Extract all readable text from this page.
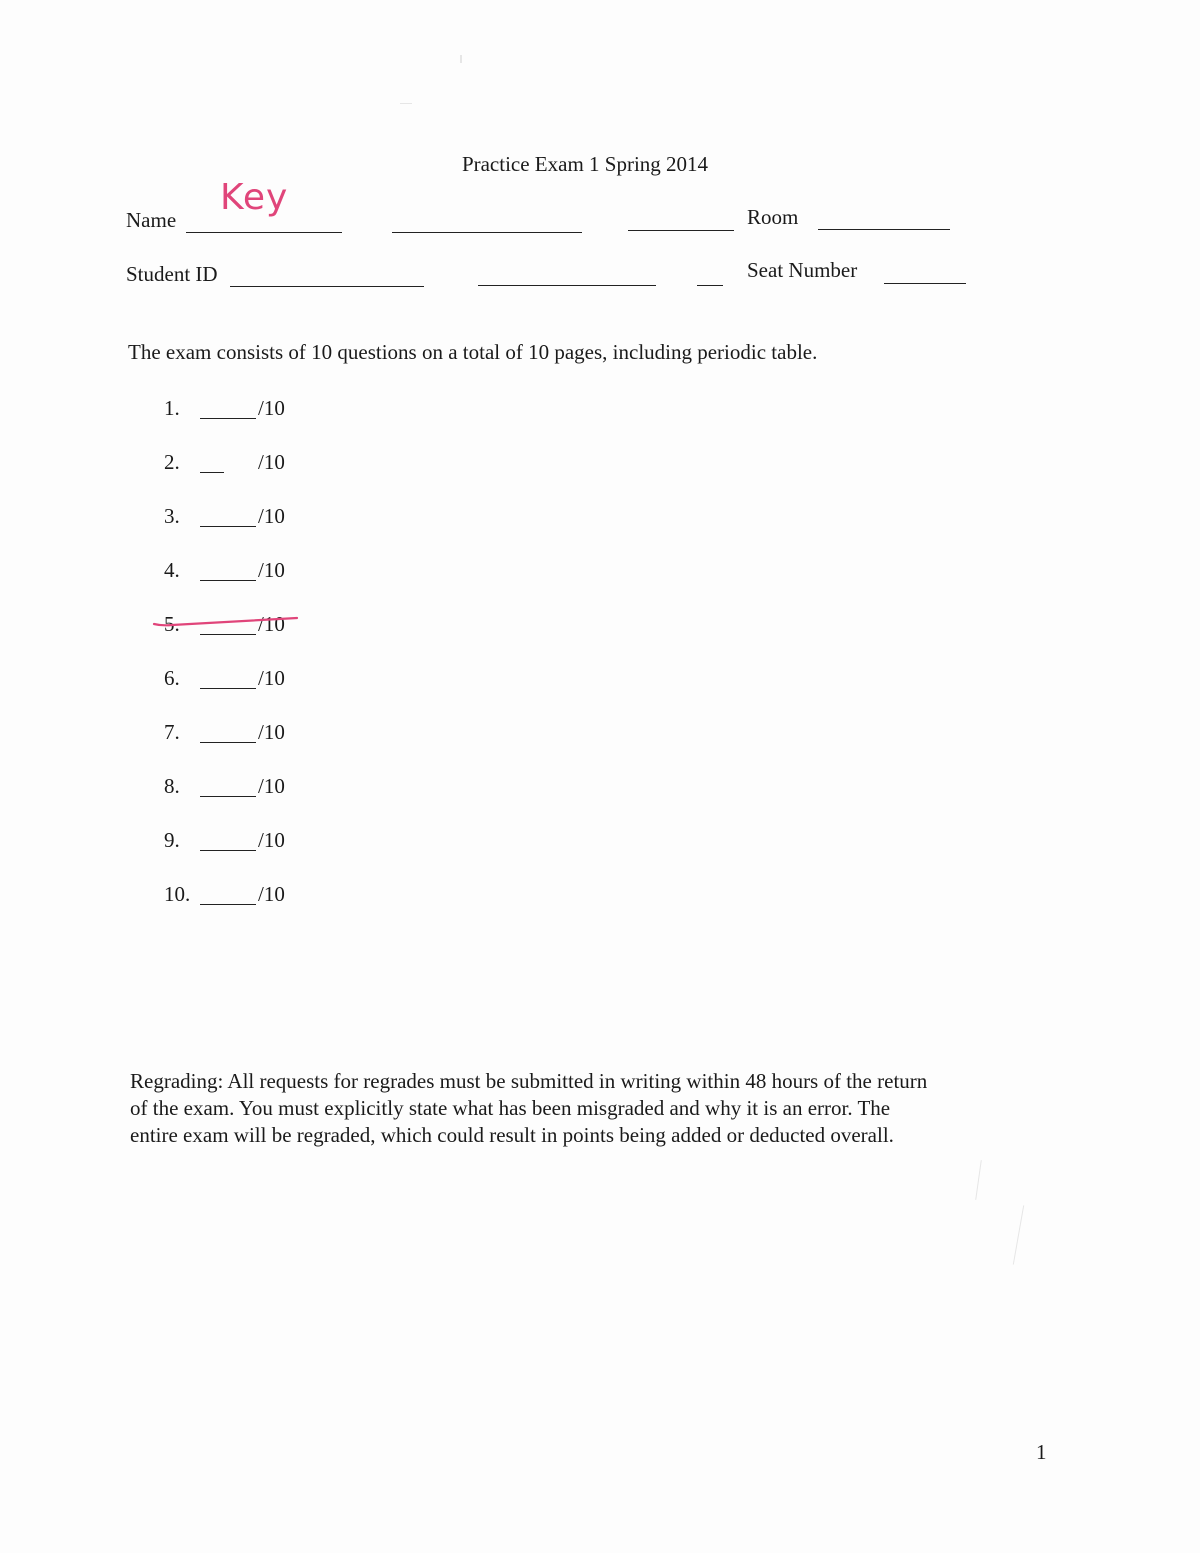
Practice Exam 1 Spring 2014
Name
Key	Room
Student ID	Seat Number
The exam consists of 10 questions on a total of 10 pages, including periodic table.
1.	/10
2.	/10
3.	/10
4.	/10
5.	/10
6.	/10
7.	/10
8.	/10
9.	/10
10.	/10
Regrading: All requests for regrades must be submitted in writing within 48 hours of the return
of the exam. You must explicitly state what has been misgraded and why it is an error. The
entire exam will be regraded, which could result in points being added or deducted overall.
1
